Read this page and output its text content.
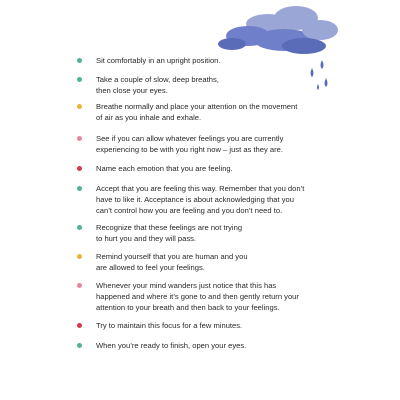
Sit comfortably in an upright position.
Take a couple of slow, deep breaths,
then close your eyes.
Breathe normally and place your attention on the movement
of air as you inhale and exhale.
See if you can allow whatever feelings you are currently
experiencing to be with you right now – just as they are.
Name each emotion that you are feeling.
Accept that you are feeling this way. Remember that you don’t
have to like it. Acceptance is about acknowledging that you
can’t control how you are feeling and you don’t need to.
Recognize that these feelings are not trying
to hurt you and they will pass.
Remind yourself that you are human and you
are allowed to feel your feelings.
Whenever your mind wanders just notice that this has
happened and where it’s gone to and then gently return your
attention to your breath and then back to your feelings.
Try to maintain this focus for a few minutes.
When you’re ready to finish, open your eyes.
